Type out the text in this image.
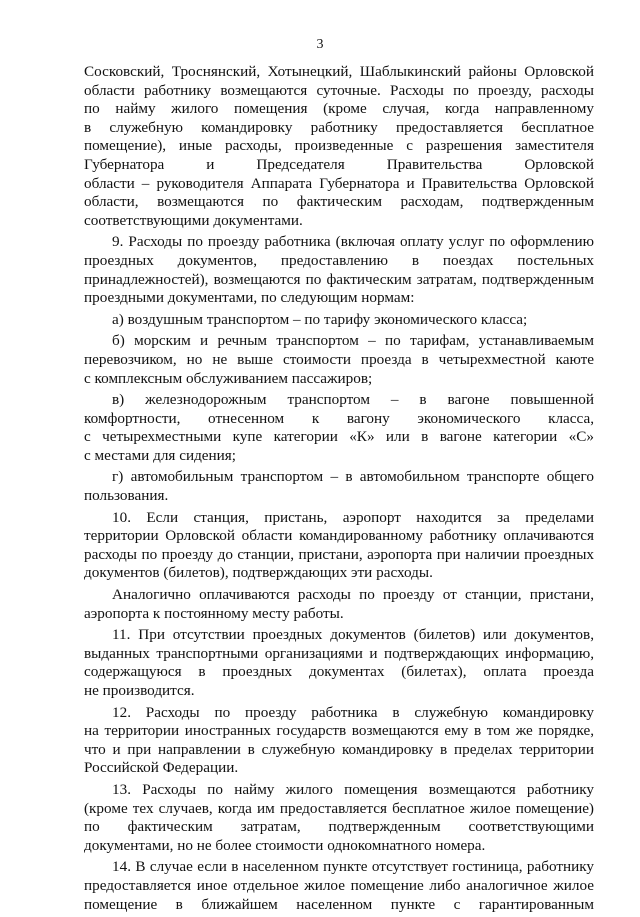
3
Сосковский, Троснянский, Хотынецкий, Шаблыкинский районы Орловской
области работнику возмещаются суточные. Расходы по проезду, расходы
по найму жилого помещения (кроме случая, когда направленному
в служебную командировку работнику предоставляется бесплатное
помещение), иные расходы, произведенные с разрешения заместителя
Губернатора и Председателя Правительства Орловской
области – руководителя Аппарата Губернатора и Правительства Орловской
области, возмещаются по фактическим расходам, подтвержденным
соответствующими документами.
9. Расходы по проезду работника (включая оплату услуг по оформлению
проездных документов, предоставлению в поездах постельных
принадлежностей), возмещаются по фактическим затратам, подтвержденным
проездными документами, по следующим нормам:
а) воздушным транспортом – по тарифу экономического класса;
б) морским и речным транспортом – по тарифам, устанавливаемым
перевозчиком, но не выше стоимости проезда в четырехместной каюте
с комплексным обслуживанием пассажиров;
в) железнодорожным транспортом – в вагоне повышенной
комфортности, отнесенном к вагону экономического класса,
с четырехместными купе категории «К» или в вагоне категории «С»
с местами для сидения;
г) автомобильным транспортом – в автомобильном транспорте общего
пользования.
10. Если станция, пристань, аэропорт находится за пределами
территории Орловской области командированному работнику оплачиваются
расходы по проезду до станции, пристани, аэропорта при наличии проездных
документов (билетов), подтверждающих эти расходы.
Аналогично оплачиваются расходы по проезду от станции, пристани,
аэропорта к постоянному месту работы.
11. При отсутствии проездных документов (билетов) или документов,
выданных транспортными организациями и подтверждающих информацию,
содержащуюся в проездных документах (билетах), оплата проезда
не производится.
12. Расходы по проезду работника в служебную командировку
на территории иностранных государств возмещаются ему в том же порядке,
что и при направлении в служебную командировку в пределах территории
Российской Федерации.
13. Расходы по найму жилого помещения возмещаются работнику
(кроме тех случаев, когда им предоставляется бесплатное жилое помещение)
по фактическим затратам, подтвержденным соответствующими
документами, но не более стоимости однокомнатного номера.
14. В случае если в населенном пункте отсутствует гостиница, работнику
предоставляется иное отдельное жилое помещение либо аналогичное жилое
помещение в ближайшем населенном пункте с гарантированным
